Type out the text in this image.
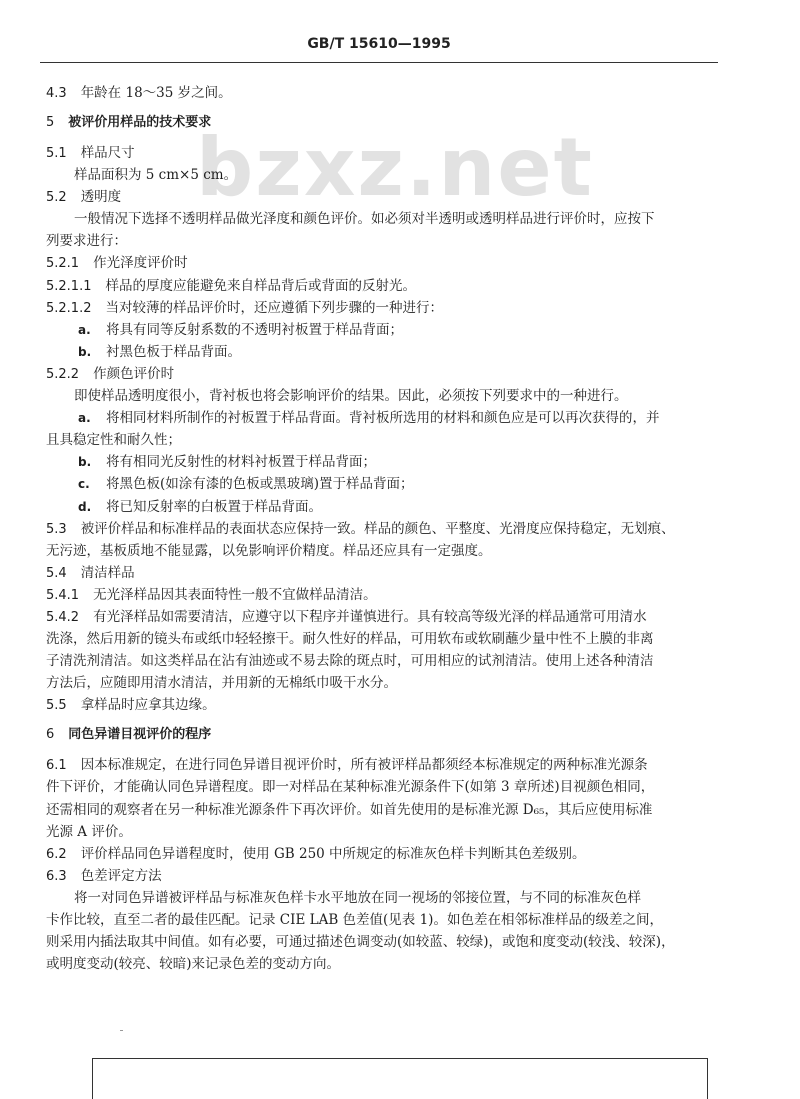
GB/T 15610—1995
bzxz.net
4.3 年龄在 18～35 岁之间。
5 被评价用样品的技术要求
5.1 样品尺寸
样品面积为 5 cm×5 cm。
5.2 透明度
一般情况下选择不透明样品做光泽度和颜色评价。如必须对半透明或透明样品进行评价时，应按下
列要求进行：
5.2.1 作光泽度评价时
5.2.1.1 样品的厚度应能避免来自样品背后或背面的反射光。
5.2.1.2 当对较薄的样品评价时，还应遵循下列步骤的一种进行：
a. 将具有同等反射系数的不透明衬板置于样品背面；
b. 衬黑色板于样品背面。
5.2.2 作颜色评价时
即使样品透明度很小，背衬板也将会影响评价的结果。因此，必须按下列要求中的一种进行。
a. 将相同材料所制作的衬板置于样品背面。背衬板所选用的材料和颜色应是可以再次获得的，并
且具稳定性和耐久性；
b. 将有相同光反射性的材料衬板置于样品背面；
c. 将黑色板(如涂有漆的色板或黑玻璃)置于样品背面；
d. 将已知反射率的白板置于样品背面。
5.3 被评价样品和标准样品的表面状态应保持一致。样品的颜色、平整度、光滑度应保持稳定，无划痕、
无污迹，基板质地不能显露，以免影响评价精度。样品还应具有一定强度。
5.4 清洁样品
5.4.1 无光泽样品因其表面特性一般不宜做样品清洁。
5.4.2 有光泽样品如需要清洁，应遵守以下程序并谨慎进行。具有较高等级光泽的样品通常可用清水
洗涤，然后用新的镜头布或纸巾轻轻擦干。耐久性好的样品，可用软布或软刷蘸少量中性不上膜的非离
子清洗剂清洁。如这类样品在沾有油迹或不易去除的斑点时，可用相应的试剂清洁。使用上述各种清洁
方法后，应随即用清水清洁，并用新的无棉纸巾吸干水分。
5.5 拿样品时应拿其边缘。
6 同色异谱目视评价的程序
6.1 因本标准规定，在进行同色异谱目视评价时，所有被评样品都须经本标准规定的两种标准光源条
件下评价，才能确认同色异谱程度。即一对样品在某种标准光源条件下(如第 3 章所述)目视颜色相同，
还需相同的观察者在另一种标准光源条件下再次评价。如首先使用的是标准光源 D₆₅，其后应使用标准
光源 A 评价。
6.2 评价样品同色异谱程度时，使用 GB 250 中所规定的标准灰色样卡判断其色差级别。
6.3 色差评定方法
将一对同色异谱被评样品与标准灰色样卡水平地放在同一视场的邻接位置，与不同的标准灰色样
卡作比较，直至二者的最佳匹配。记录 CIE LAB 色差值(见表 1)。如色差在相邻标准样品的级差之间，
则采用内插法取其中间值。如有必要，可通过描述色调变动(如较蓝、较绿)，或饱和度变动(较浅、较深)，
或明度变动(较亮、较暗)来记录色差的变动方向。
